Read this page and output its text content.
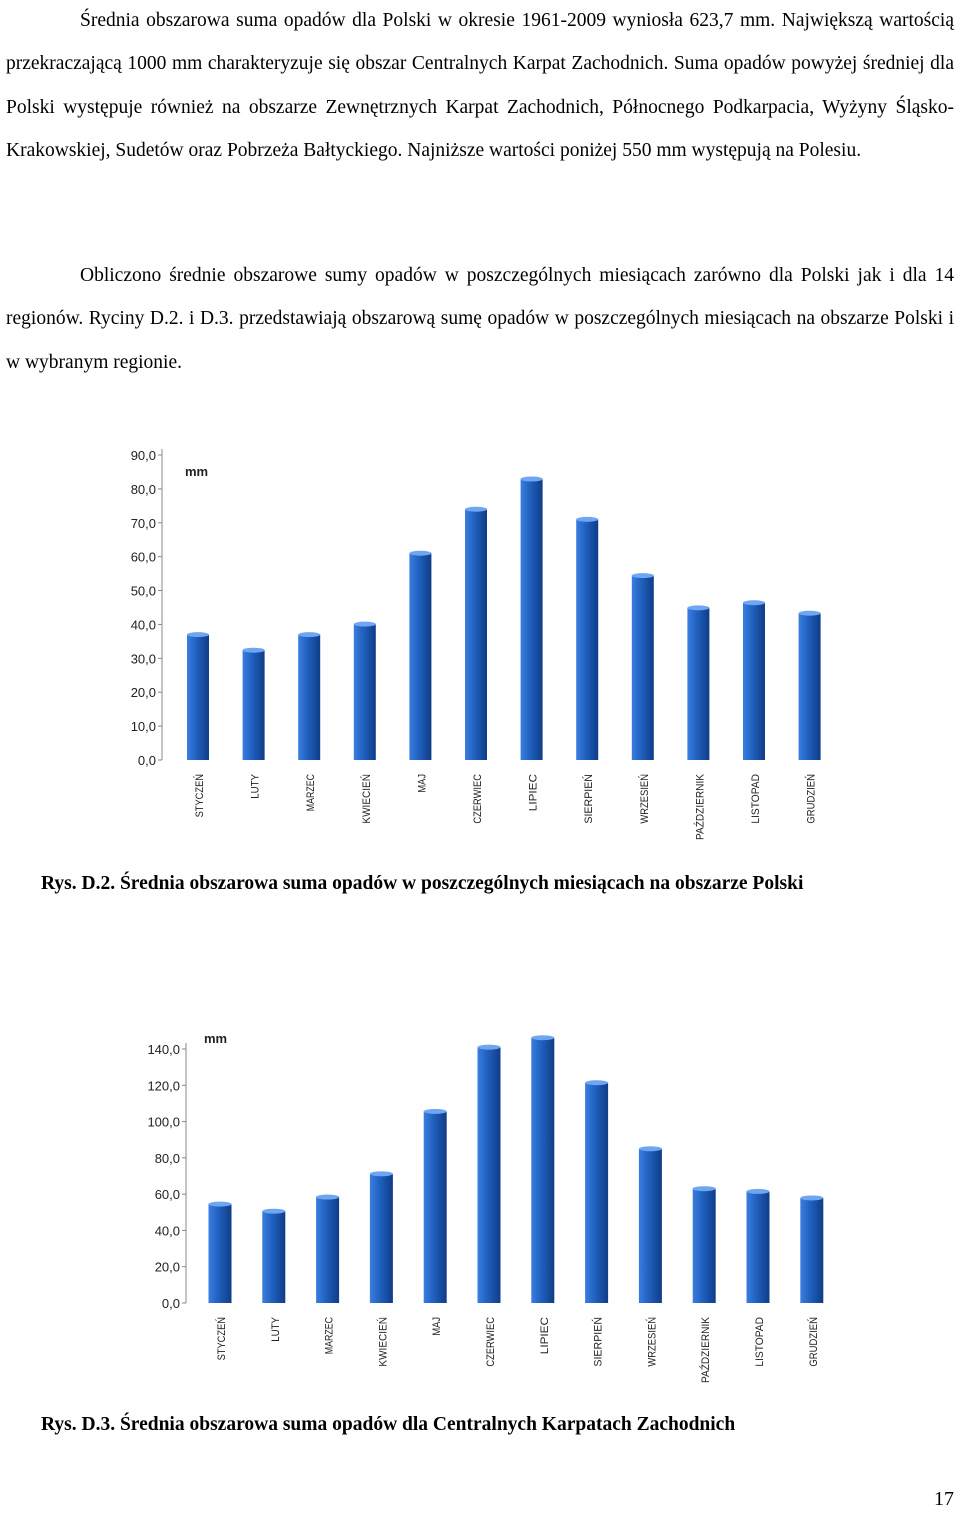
Średnia obszarowa suma opadów dla Polski w okresie 1961-2009 wyniosła 623,7 mm. Największą wartością przekraczającą 1000 mm charakteryzuje się obszar Centralnych Karpat Zachodnich. Suma opadów powyżej średniej dla Polski występuje również na obszarze Zewnętrznych Karpat Zachodnich, Północnego Podkarpacia, Wyżyny Śląsko-Krakowskiej, Sudetów oraz Pobrzeża Bałtyckiego. Najniższe wartości poniżej 550 mm występują na Polesiu.

Obliczono średnie obszarowe sumy opadów w poszczególnych miesiącach zarówno dla Polski jak i dla 14 regionów. Ryciny D.2. i D.3. przedstawiają obszarową sumę opadów w poszczególnych miesiącach na obszarze Polski i w wybranym regionie.

0,0
10,0
20,0
30,0
40,0
50,0
60,0
70,0
80,0
90,0
mm
STYCZEŃ	LUTY	MARZEC	KWIECIEŃ	MAJ	CZERWIEC	LIPIEC	SIERPIEŃ	WRZESIEŃ	PAŹDZIERNIK	LISTOPAD	GRUDZIEŃ

Rys. D.2. Średnia obszarowa suma opadów w poszczególnych miesiącach na obszarze Polski

0,0
20,0
40,0
60,0
80,0
100,0
120,0
140,0
mm
STYCZEŃ	LUTY	MARZEC	KWIECIEŃ	MAJ	CZERWIEC	LIPIEC	SIERPIEŃ	WRZESIEŃ	PAŹDZIERNIK	LISTOPAD	GRUDZIEŃ

Rys. D.3. Średnia obszarowa suma opadów dla Centralnych Karpatach Zachodnich

17
